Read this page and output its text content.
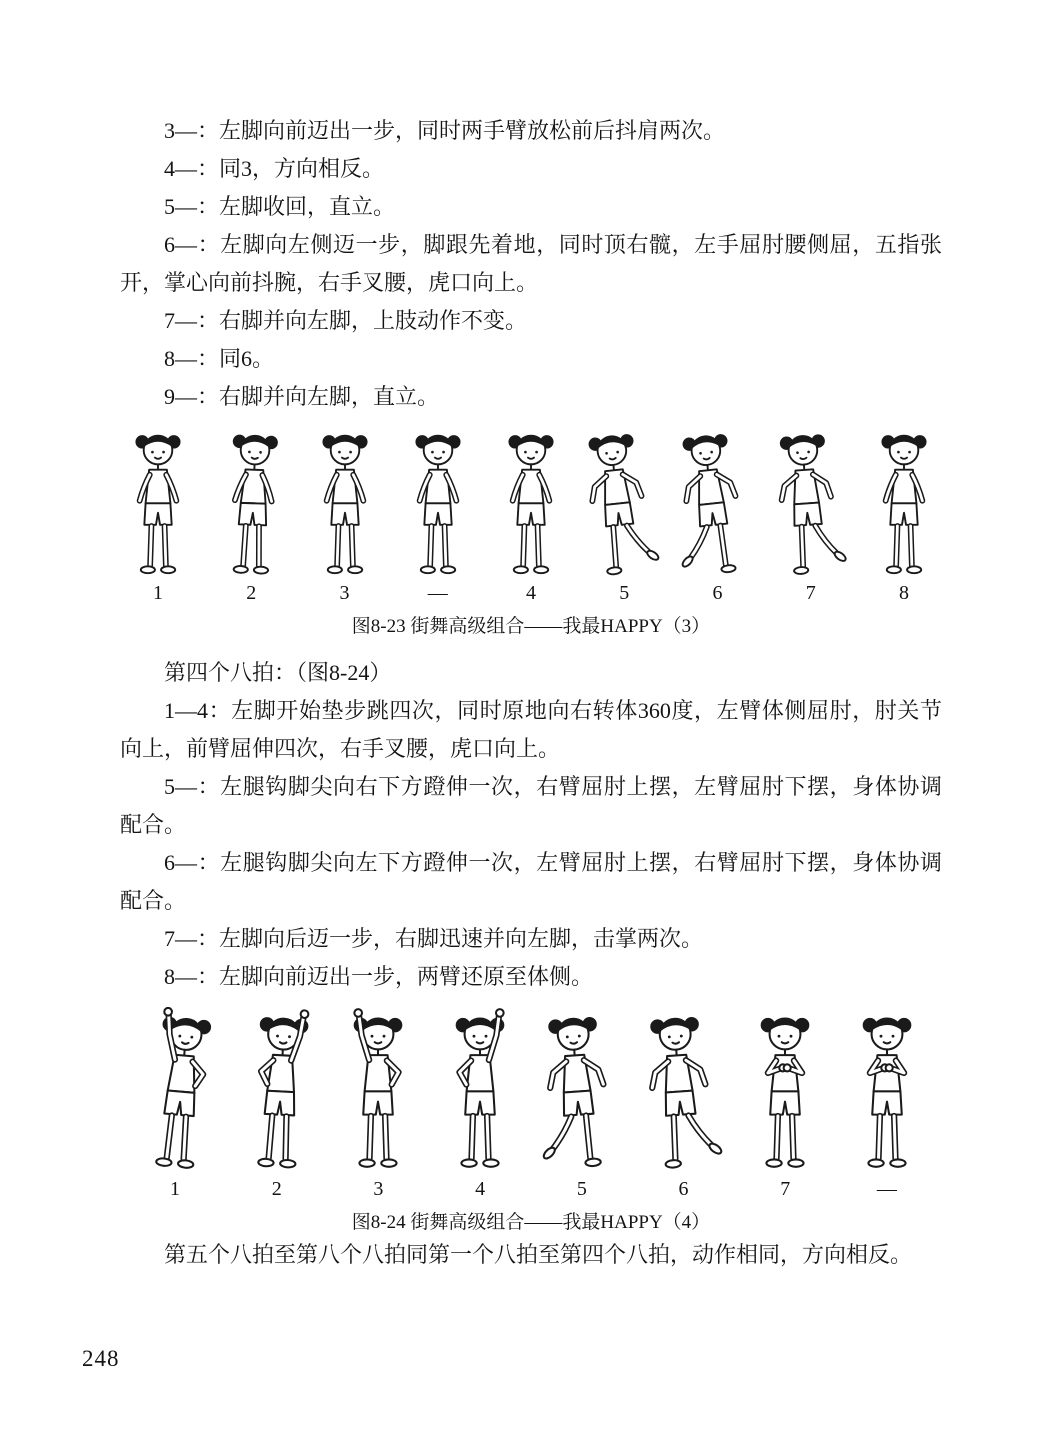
3—：左脚向前迈出一步，同时两手臂放松前后抖肩两次。

4—：同3，方向相反。

5—：左脚收回，直立。

6—：左脚向左侧迈一步，脚跟先着地，同时顶右髋，左手屈肘腰侧屈，五指张开，掌心向前抖腕，右手叉腰，虎口向上。

7—：右脚并向左脚，上肢动作不变。

8—：同6。

9—：右脚并向左脚，直立。

1	2	3	—	4	5	6	7	8
图8-23 街舞高级组合——我最HAPPY（3）

第四个八拍：（图8-24）

1—4：左脚开始垫步跳四次，同时原地向右转体360度，左臂体侧屈肘，肘关节向上，前臂屈伸四次，右手叉腰，虎口向上。

5—：左腿钩脚尖向右下方蹬伸一次，右臂屈肘上摆，左臂屈肘下摆，身体协调配合。

6—：左腿钩脚尖向左下方蹬伸一次，左臂屈肘上摆，右臂屈肘下摆，身体协调配合。

7—：左脚向后迈一步，右脚迅速并向左脚，击掌两次。

8—：左脚向前迈出一步，两臂还原至体侧。

1	2	3	4	5	6	7	—
图8-24 街舞高级组合——我最HAPPY（4）

第五个八拍至第八个八拍同第一个八拍至第四个八拍，动作相同，方向相反。

248
